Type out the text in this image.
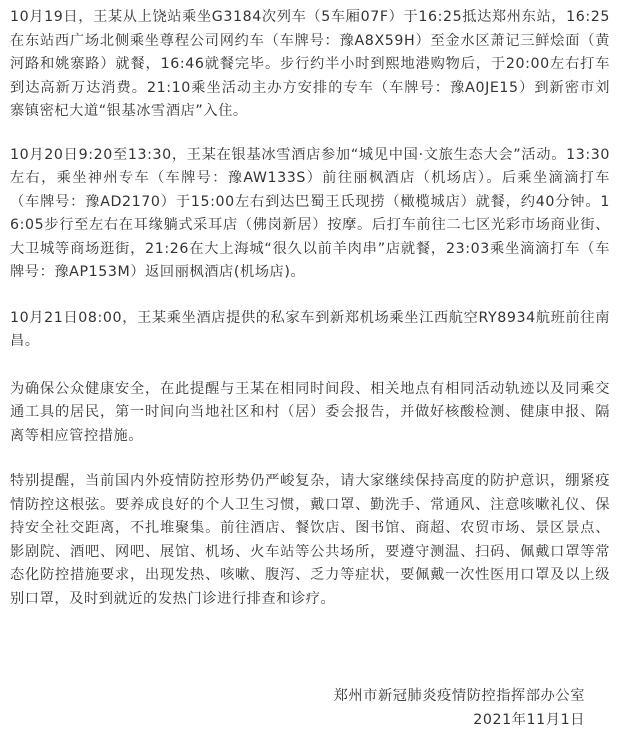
10月19日，王某从上饶站乘坐G3184次列车（5车厢07F）于16:25抵达郑州东站，16:25在东站西广场北侧乘坐尊程公司网约车（车牌号：豫A8X59H）至金水区萧记三鲜烩面（黄河路和姚寨路）就餐，16:46就餐完毕。步行约半小时到熙地港购物后，于20:00左右打车到达高新万达消费。21:10乘坐活动主办方安排的专车（车牌号：豫A0JE15）到新密市刘寨镇密杞大道“银基冰雪酒店”入住。

10月20日9:20至13:30，王某在银基冰雪酒店参加“城见中国·文旅生态大会”活动。13:30左右，乘坐神州专车（车牌号：豫AW133S）前往丽枫酒店（机场店）。后乘坐滴滴打车（车牌号：豫AD2170）于15:00左右到达巴蜀王氏现捞（橄榄城店）就餐，约40分钟。16:05步行至左右在耳缘躺式采耳店（佛岗新居）按摩。后打车前往二七区光彩市场商业街、大卫城等商场逛街，21:26在大上海城“很久以前羊肉串”店就餐，23:03乘坐滴滴打车（车牌号：豫AP153M）返回丽枫酒店(机场店)。

10月21日08:00，王某乘坐酒店提供的私家车到新郑机场乘坐江西航空RY8934航班前往南昌。

为确保公众健康安全，在此提醒与王某在相同时间段、相关地点有相同活动轨迹以及同乘交通工具的居民，第一时间向当地社区和村（居）委会报告，并做好核酸检测、健康申报、隔离等相应管控措施。

特别提醒，当前国内外疫情防控形势仍严峻复杂，请大家继续保持高度的防护意识，绷紧疫情防控这根弦。要养成良好的个人卫生习惯，戴口罩、勤洗手、常通风、注意咳嗽礼仪、保持安全社交距离，不扎堆聚集。前往酒店、餐饮店、图书馆、商超、农贸市场、景区景点、影剧院、酒吧、网吧、展馆、机场、火车站等公共场所，要遵守测温、扫码、佩戴口罩等常态化防控措施要求，出现发热、咳嗽、腹泻、乏力等症状，要佩戴一次性医用口罩及以上级别口罩，及时到就近的发热门诊进行排查和诊疗。

郑州市新冠肺炎疫情防控指挥部办公室
2021年11月1日
